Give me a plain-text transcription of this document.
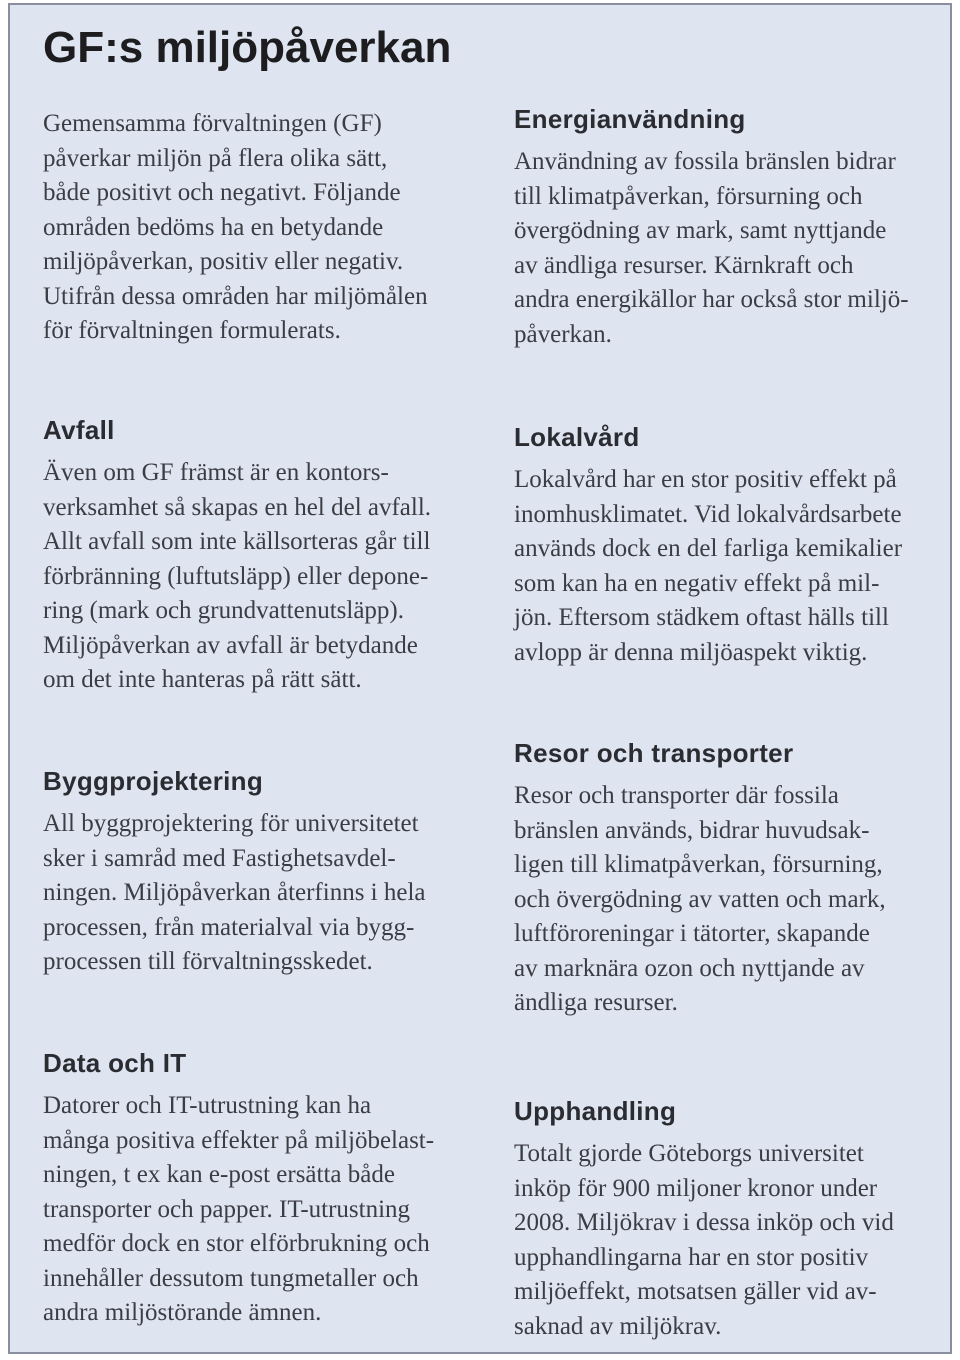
GF:s miljöpåverkan

Gemensamma förvaltningen (GF)
påverkar miljön på flera olika sätt,
både positivt och negativt. Följande
områden bedöms ha en betydande
miljöpåverkan, positiv eller negativ.
Utifrån dessa områden har miljömålen
för förvaltningen formulerats.

Energianvändning

Användning av fossila bränslen bidrar
till klimatpåverkan, försurning och
övergödning av mark, samt nyttjande
av ändliga resurser. Kärnkraft och
andra energikällor har också stor miljö-
påverkan.

Avfall

Även om GF främst är en kontors-
verksamhet så skapas en hel del avfall.
Allt avfall som inte källsorteras går till
förbränning (luftutsläpp) eller depone-
ring (mark och grundvattenutsläpp).
Miljöpåverkan av avfall är betydande
om det inte hanteras på rätt sätt.

Lokalvård

Lokalvård har en stor positiv effekt på
inomhusklimatet. Vid lokalvårdsarbete
används dock en del farliga kemikalier
som kan ha en negativ effekt på mil-
jön. Eftersom städkem oftast hälls till
avlopp är denna miljöaspekt viktig.

Byggprojektering

All byggprojektering för universitetet
sker i samråd med Fastighetsavdel-
ningen. Miljöpåverkan återfinns i hela
processen, från materialval via bygg-
processen till förvaltningsskedet.

Resor och transporter

Resor och transporter där fossila
bränslen används, bidrar huvudsak-
ligen till klimatpåverkan, försurning,
och övergödning av vatten och mark,
luftföroreningar i tätorter, skapande
av marknära ozon och nyttjande av
ändliga resurser.

Data och IT

Datorer och IT-utrustning kan ha
många positiva effekter på miljöbelast-
ningen, t ex kan e-post ersätta både
transporter och papper. IT-utrustning
medför dock en stor elförbrukning och
innehåller dessutom tungmetaller och
andra miljöstörande ämnen.

Upphandling

Totalt gjorde Göteborgs universitet
inköp för 900 miljoner kronor under
2008. Miljökrav i dessa inköp och vid
upphandlingarna har en stor positiv
miljöeffekt, motsatsen gäller vid av-
saknad av miljökrav.
